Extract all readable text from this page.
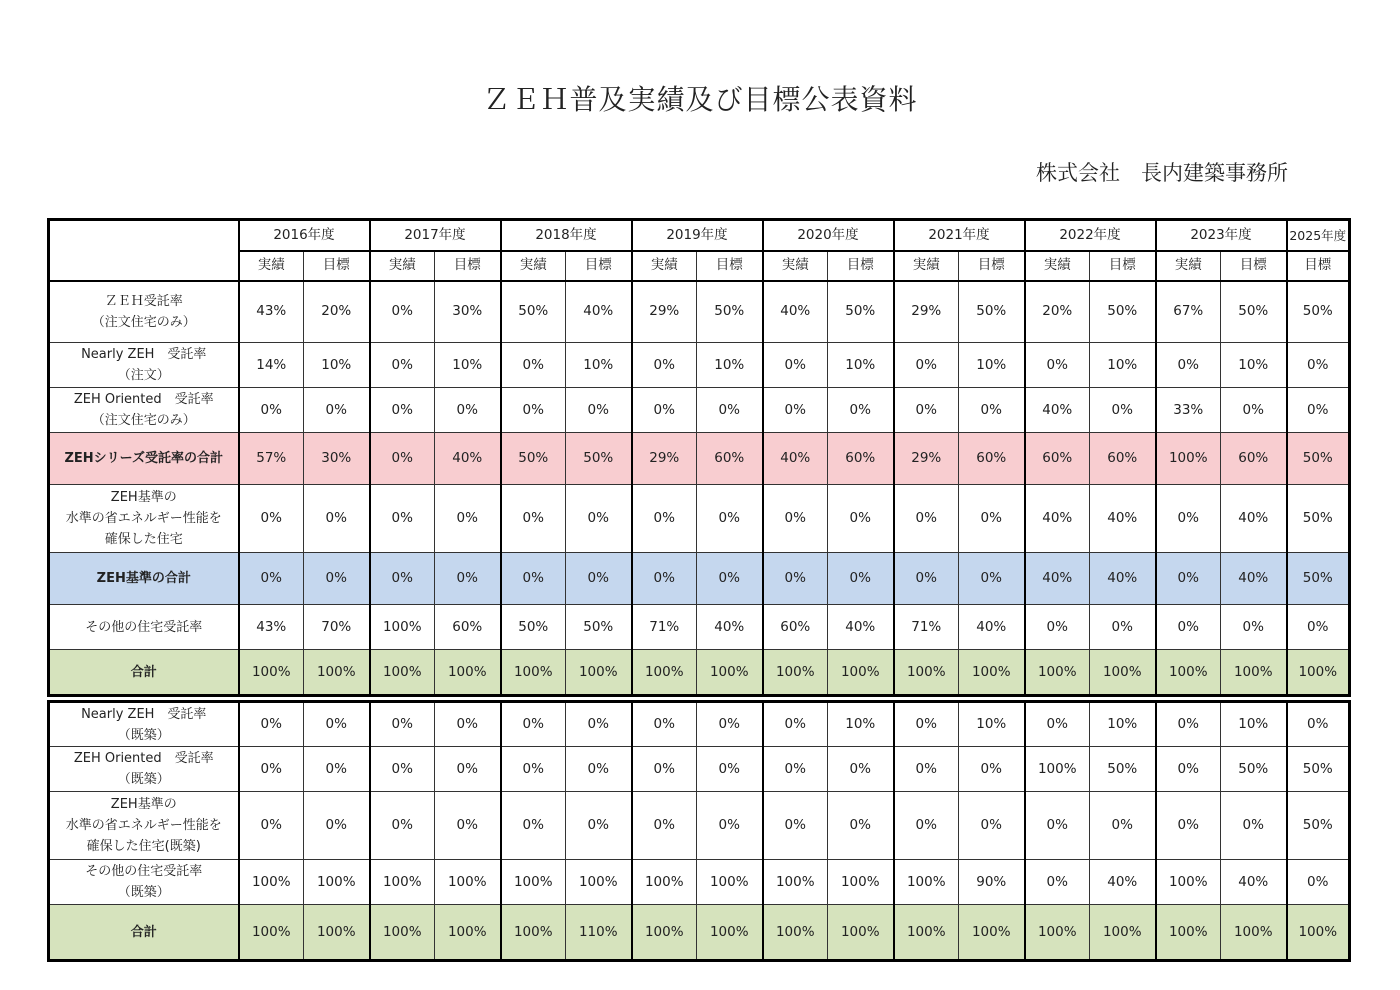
ＺＥＨ普及実績及び目標公表資料
株式会社　長内建築事務所
	2016年度		2017年度		2018年度		2019年度		2020年度		2021年度		2022年度		2023年度		2025年度
	実績	目標	実績	目標	実績	目標	実績	目標	実績	目標	実績	目標	実績	目標	実績	目標	目標

ＺＥＨ受託率
（注文住宅のみ）	43%	20%	0%	30%	50%	40%	29%	50%	40%	50%	29%	50%	20%	50%	67%	50%	50%

Nearly ZEH　受託率
（注文）	14%	10%	0%	10%	0%	10%	0%	10%	0%	10%	0%	10%	0%	10%	0%	10%	0%

ZEH Oriented　受託率
（注文住宅のみ）	0%	0%	0%	0%	0%	0%	0%	0%	0%	0%	0%	0%	40%	0%	33%	0%	0%

ZEHシリーズ受託率の合計	57%	30%	0%	40%	50%	50%	29%	60%	40%	60%	29%	60%	60%	60%	100%	60%	50%

ZEH基準の
水準の省エネルギー性能を
確保した住宅	0%	0%	0%	0%	0%	0%	0%	0%	0%	0%	0%	0%	40%	40%	0%	40%	50%

ZEH基準の合計	0%	0%	0%	0%	0%	0%	0%	0%	0%	0%	0%	0%	40%	40%	0%	40%	50%

その他の住宅受託率	43%	70%	100%	60%	50%	50%	71%	40%	60%	40%	71%	40%	0%	0%	0%	0%	0%

合計	100%	100%	100%	100%	100%	100%	100%	100%	100%	100%	100%	100%	100%	100%	100%	100%	100%
Nearly ZEH　受託率
（既築）	0%	0%	0%	0%	0%	0%	0%	0%	0%	10%	0%	10%	0%	10%	0%	10%	0%

ZEH Oriented　受託率
（既築）	0%	0%	0%	0%	0%	0%	0%	0%	0%	0%	0%	0%	100%	50%	0%	50%	50%

ZEH基準の
水準の省エネルギー性能を
確保した住宅(既築)	0%	0%	0%	0%	0%	0%	0%	0%	0%	0%	0%	0%	0%	0%	0%	0%	50%

その他の住宅受託率
（既築）	100%	100%	100%	100%	100%	100%	100%	100%	100%	100%	100%	90%	0%	40%	100%	40%	0%

合計	100%	100%	100%	100%	100%	110%	100%	100%	100%	100%	100%	100%	100%	100%	100%	100%	100%
